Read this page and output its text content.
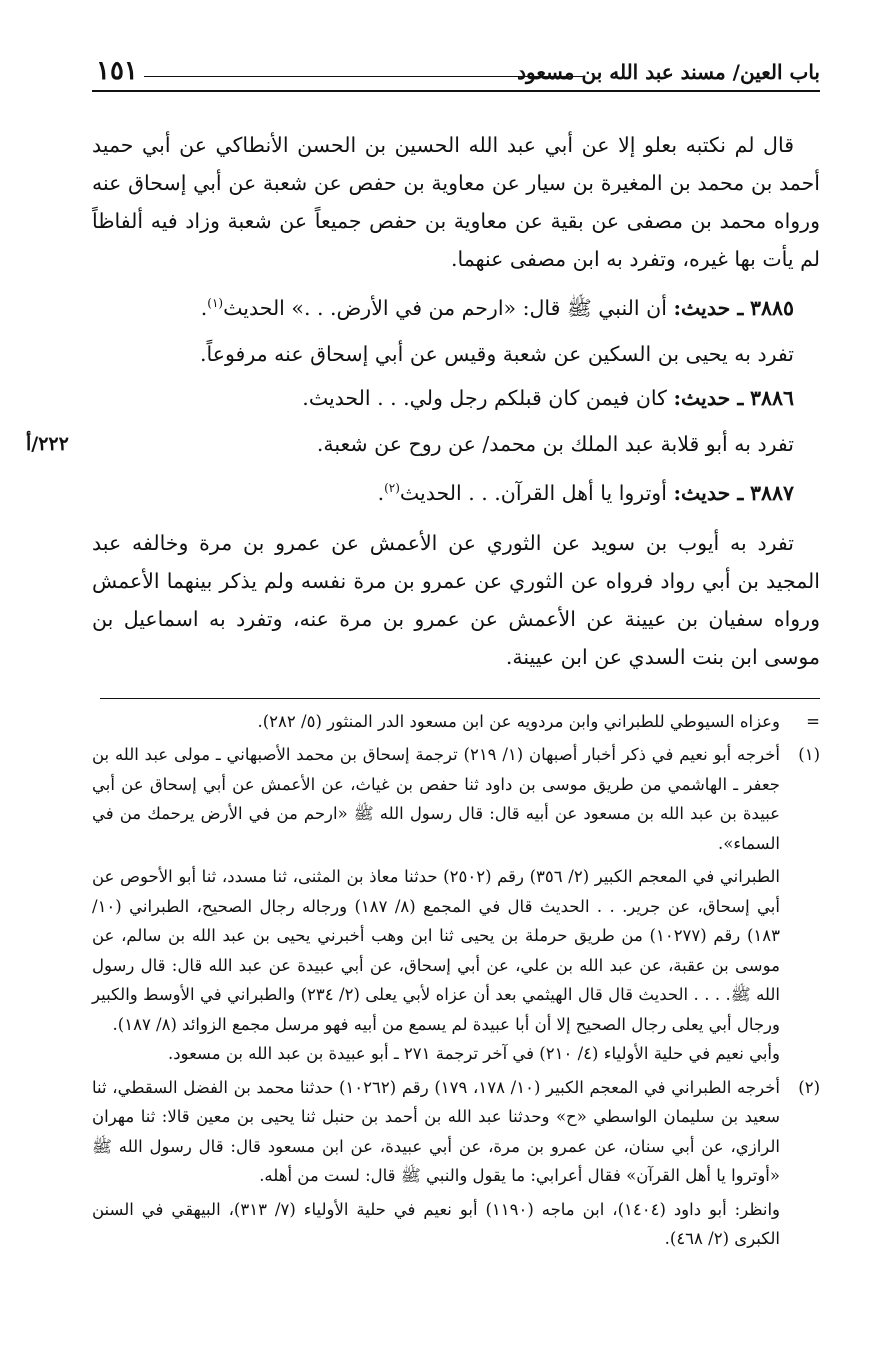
باب العين/ مسند عبد الله بن مسعود
١٥١

قال لم نكتبه بعلو إلا عن أبي عبد الله الحسين بن الحسن الأنطاكي عن أبي حميد أحمد بن محمد بن المغيرة بن سيار عن معاوية بن حفص عن شعبة عن أبي إسحاق عنه ورواه محمد بن مصفى عن بقية عن معاوية بن حفص جميعاً عن شعبة وزاد فيه ألفاظاً لم يأت بها غيره، وتفرد به ابن مصفى عنهما.

٣٨٨٥ ـ حديث: أن النبي ﷺ قال: «ارحم من في الأرض. . .» الحديث$^{(١)}$.

تفرد به يحيى بن السكين عن شعبة وقيس عن أبي إسحاق عنه مرفوعاً.

٣٨٨٦ ـ حديث: كان فيمن كان قبلكم رجل ولي. . . الحديث.

تفرد به أبو قلابة عبد الملك بن محمد/ عن روح عن شعبة.
٢٢٢/أ

٣٨٨٧ ـ حديث: أوتروا يا أهل القرآن. . . الحديث$^{(٢)}$.

تفرد به أيوب بن سويد عن الثوري عن الأعمش عن عمرو بن مرة وخالفه عبد المجيد بن أبي رواد فرواه عن الثوري عن عمرو بن مرة نفسه ولم يذكر بينهما الأعمش ورواه سفيان بن عيينة عن الأعمش عن عمرو بن مرة عنه، وتفرد به اسماعيل بن موسى ابن بنت السدي عن ابن عيينة.

=
وعزاه السيوطي للطبراني وابن مردويه عن ابن مسعود الدر المنثور (٥/ ٢٨٢).
(١)
أخرجه أبو نعيم في ذكر أخبار أصبهان (١/ ٢١٩) ترجمة إسحاق بن محمد الأصبهاني ـ مولى عبد الله بن جعفر ـ الهاشمي من طريق موسى بن داود ثنا حفص بن غياث، عن الأعمش عن أبي إسحاق عن أبي عبيدة بن عبد الله بن مسعود عن أبيه قال: قال رسول الله ﷺ «ارحم من في الأرض يرحمك من في السماء».

الطبراني في المعجم الكبير (٢/ ٣٥٦) رقم (٢٥٠٢) حدثنا معاذ بن المثنى، ثنا مسدد، ثنا أبو الأحوص عن أبي إسحاق، عن جرير. . . الحديث قال في المجمع (٨/ ١٨٧) ورجاله رجال الصحيح، الطبراني (١٠/ ١٨٣) رقم (١٠٢٧٧) من طريق حرملة بن يحيى ثنا ابن وهب أخبرني يحيى بن عبد الله بن سالم، عن موسى بن عقبة، عن عبد الله بن علي، عن أبي إسحاق، عن أبي عبيدة عن عبد الله قال: قال رسول الله ﷺ. . . . الحديث قال قال الهيثمي بعد أن عزاه لأبي يعلى (٢/ ٢٣٤) والطبراني في الأوسط والكبير ورجال أبي يعلى رجال الصحيح إلا أن أبا عبيدة لم يسمع من أبيه فهو مرسل مجمع الزوائد (٨/ ١٨٧).

وأبي نعيم في حلية الأولياء (٤/ ٢١٠) في آخر ترجمة ٢٧١ ـ أبو عبيدة بن عبد الله بن مسعود.

(٢)
أخرجه الطبراني في المعجم الكبير (١٠/ ١٧٨، ١٧٩) رقم (١٠٢٦٢) حدثنا محمد بن الفضل السقطي، ثنا سعيد بن سليمان الواسطي «ح» وحدثنا عبد الله بن أحمد بن حنبل ثنا يحيى بن معين قالا: ثنا مهران الرازي، عن أبي سنان، عن عمرو بن مرة، عن أبي عبيدة، عن ابن مسعود قال: قال رسول الله ﷺ «أوتروا يا أهل القرآن» فقال أعرابي: ما يقول والنبي ﷺ قال: لست من أهله.

وانظر: أبو داود (١٤٠٤)، ابن ماجه (١١٩٠) أبو نعيم في حلية الأولياء (٧/ ٣١٣)، البيهقي في السنن الكبرى (٢/ ٤٦٨).
